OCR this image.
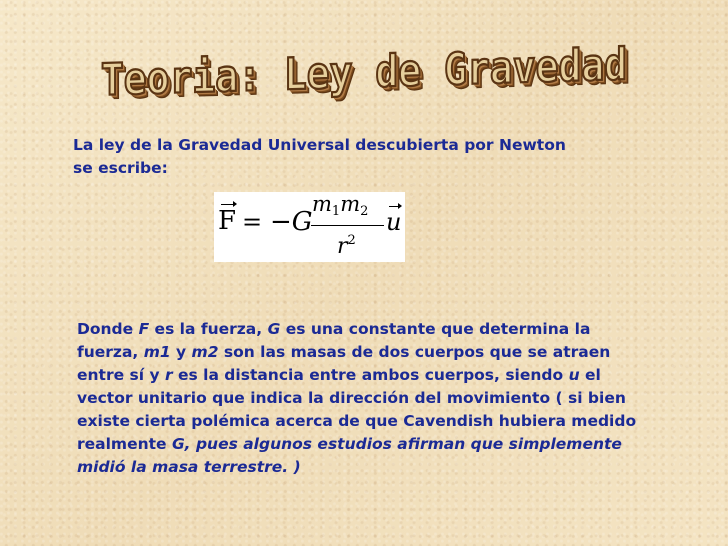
Teoria: Ley de Gravedad

La ley de la Gravedad Universal descubierta por Newton
se escribe:

F = −G
$m_1m_2$
$r^2$
u

Donde F es la fuerza, G es una constante que determina la fuerza, m1 y m2 son las masas de dos cuerpos que se atraen entre sí y r es la distancia entre ambos cuerpos, siendo u el vector unitario que indica la dirección del movimiento ( si bien existe cierta polémica acerca de que Cavendish hubiera medido realmente G, pues algunos estudios afirman que simplemente midió la masa terrestre. )
